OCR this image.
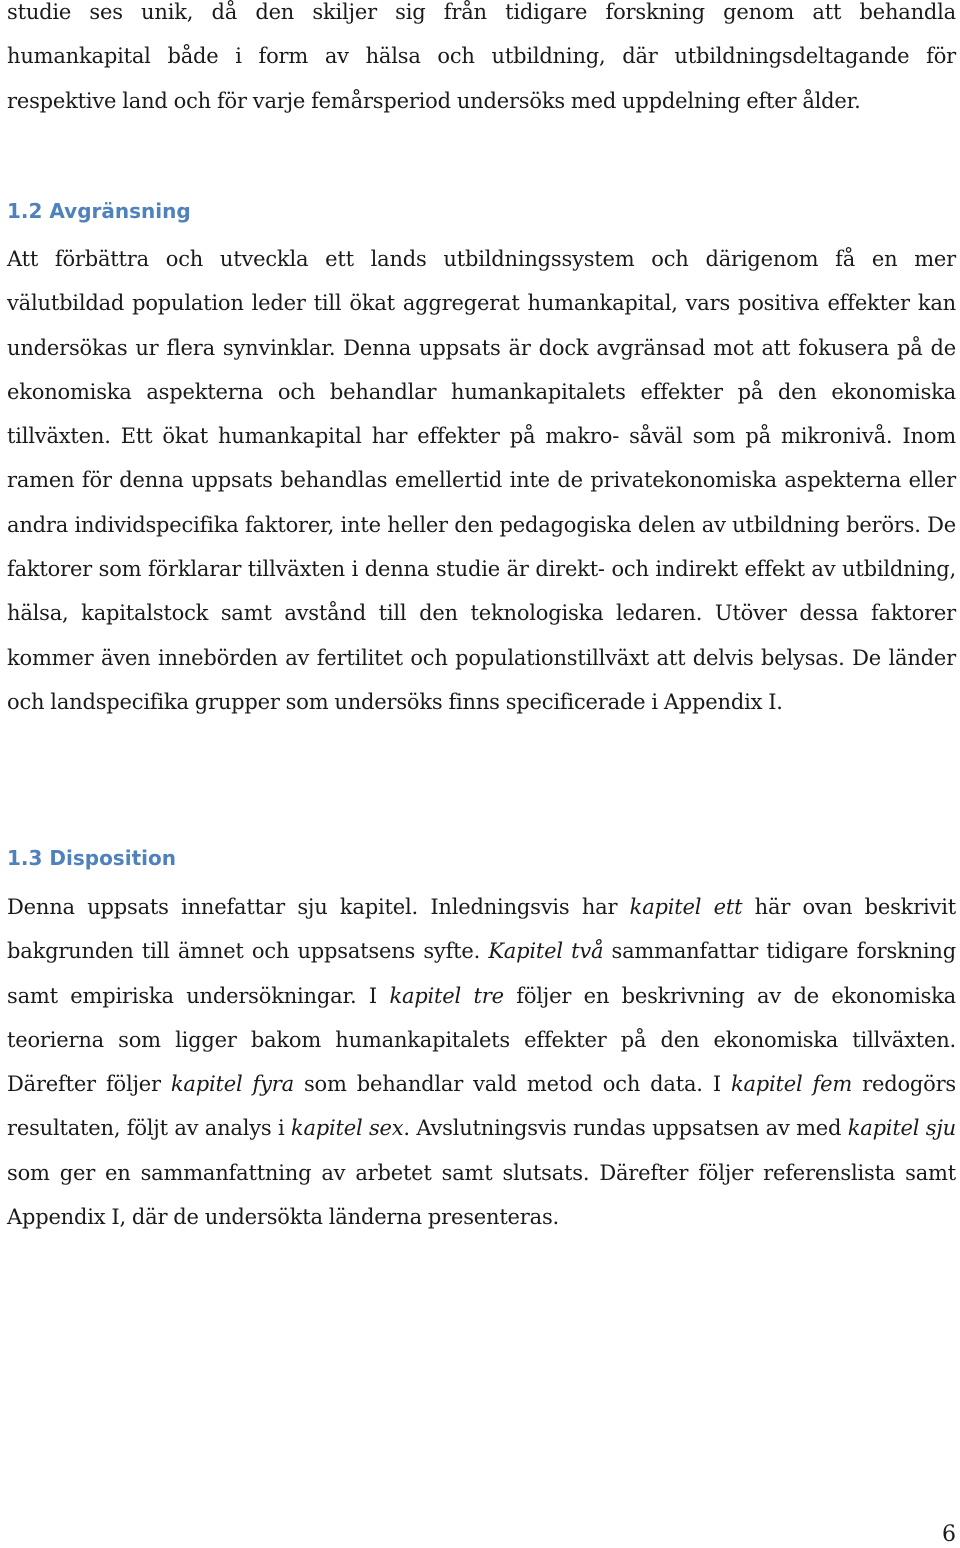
studie ses unik, då den skiljer sig från tidigare forskning genom att behandla humankapital både i form av hälsa och utbildning, där utbildningsdeltagande för respektive land och för varje femårsperiod undersöks med uppdelning efter ålder.

1.2 Avgränsning

Att förbättra och utveckla ett lands utbildningssystem och därigenom få en mer välutbildad population leder till ökat aggregerat humankapital, vars positiva effekter kan undersökas ur flera synvinklar. Denna uppsats är dock avgränsad mot att fokusera på de ekonomiska aspekterna och behandlar humankapitalets effekter på den ekonomiska tillväxten. Ett ökat humankapital har effekter på makro- såväl som på mikronivå. Inom ramen för denna uppsats behandlas emellertid inte de privatekonomiska aspekterna eller andra individspecifika faktorer, inte heller den pedagogiska delen av utbildning berörs. De faktorer som förklarar tillväxten i denna studie är direkt- och indirekt effekt av utbildning, hälsa, kapitalstock samt avstånd till den teknologiska ledaren. Utöver dessa faktorer kommer även innebörden av fertilitet och populationstillväxt att delvis belysas. De länder och landspecifika grupper som undersöks finns specificerade i Appendix I.

1.3 Disposition

Denna uppsats innefattar sju kapitel. Inledningsvis har kapitel ett här ovan beskrivit bakgrunden till ämnet och uppsatsens syfte. Kapitel två sammanfattar tidigare forskning samt empiriska undersökningar. I kapitel tre följer en beskrivning av de ekonomiska teorierna som ligger bakom humankapitalets effekter på den ekonomiska tillväxten. Därefter följer kapitel fyra som behandlar vald metod och data. I kapitel fem redogörs resultaten, följt av analys i kapitel sex. Avslutningsvis rundas uppsatsen av med kapitel sju som ger en sammanfattning av arbetet samt slutsats. Därefter följer referenslista samt Appendix I, där de undersökta länderna presenteras.

6
